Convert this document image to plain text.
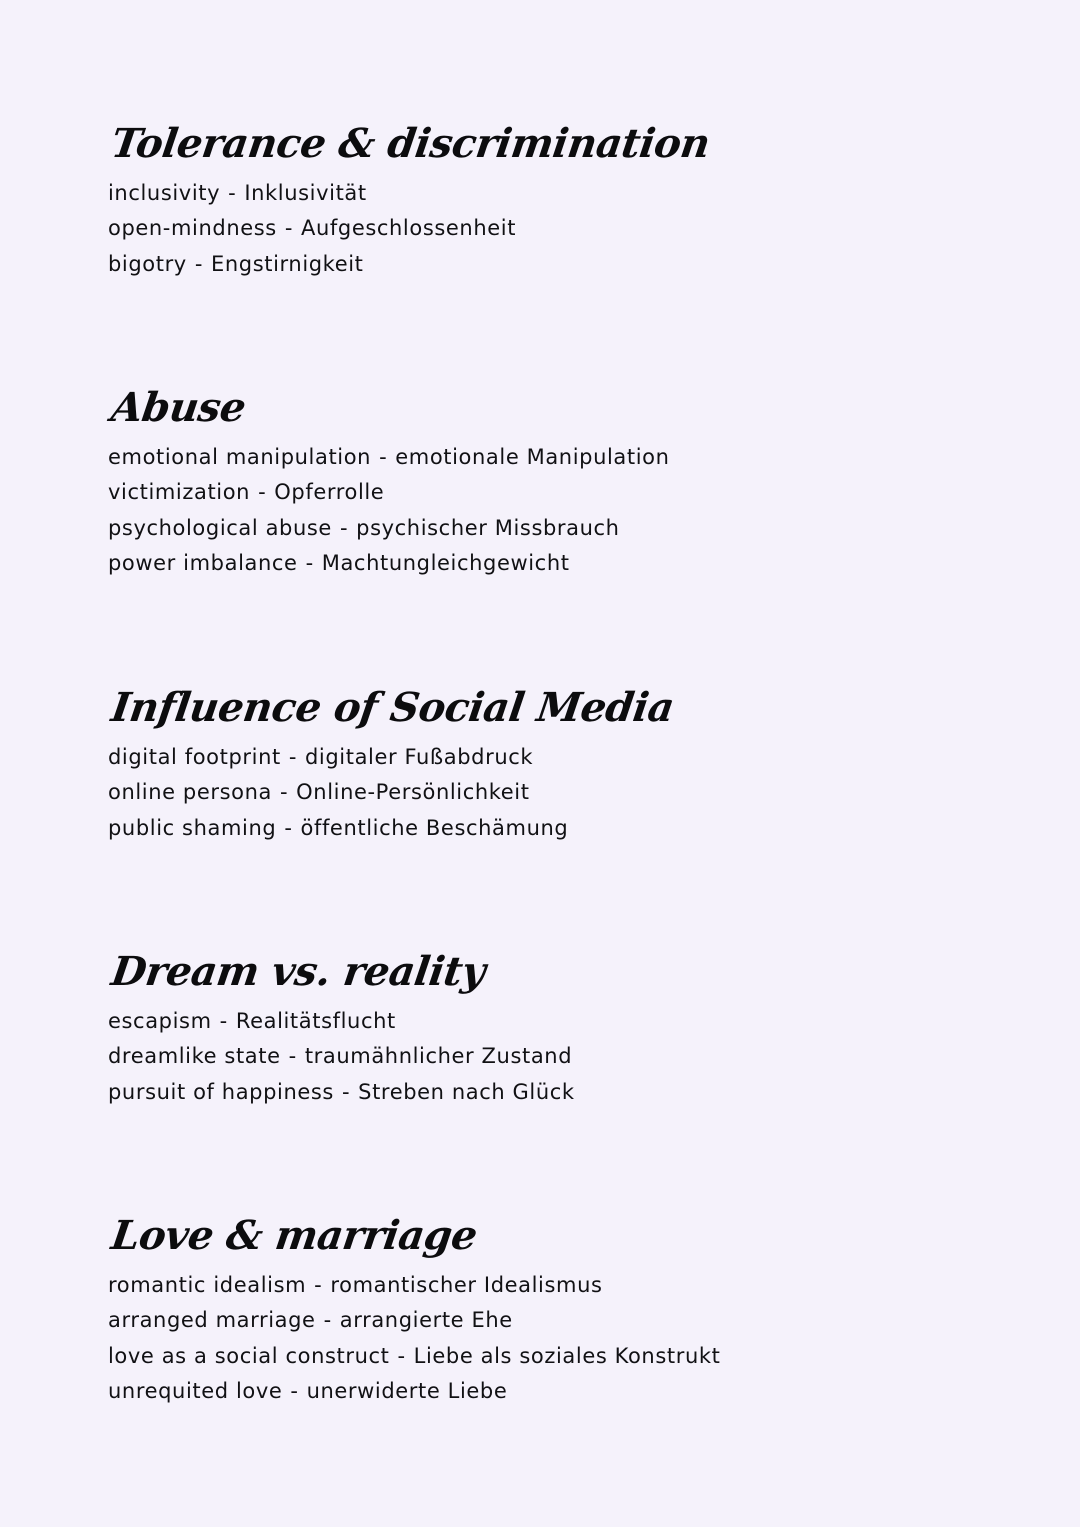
Tolerance & discrimination
inclusivity - Inklusivität
open-mindness - Aufgeschlossenheit
bigotry - Engstirnigkeit
Abuse
emotional manipulation - emotionale Manipulation
victimization - Opferrolle
psychological abuse - psychischer Missbrauch
power imbalance - Machtungleichgewicht
Influence of Social Media
digital footprint - digitaler Fußabdruck
online persona - Online-Persönlichkeit
public shaming - öffentliche Beschämung
Dream vs. reality
escapism - Realitätsflucht
dreamlike state - traumähnlicher Zustand
pursuit of happiness - Streben nach Glück
Love & marriage
romantic idealism - romantischer Idealismus
arranged marriage - arrangierte Ehe
love as a social construct - Liebe als soziales Konstrukt
unrequited love - unerwiderte Liebe
